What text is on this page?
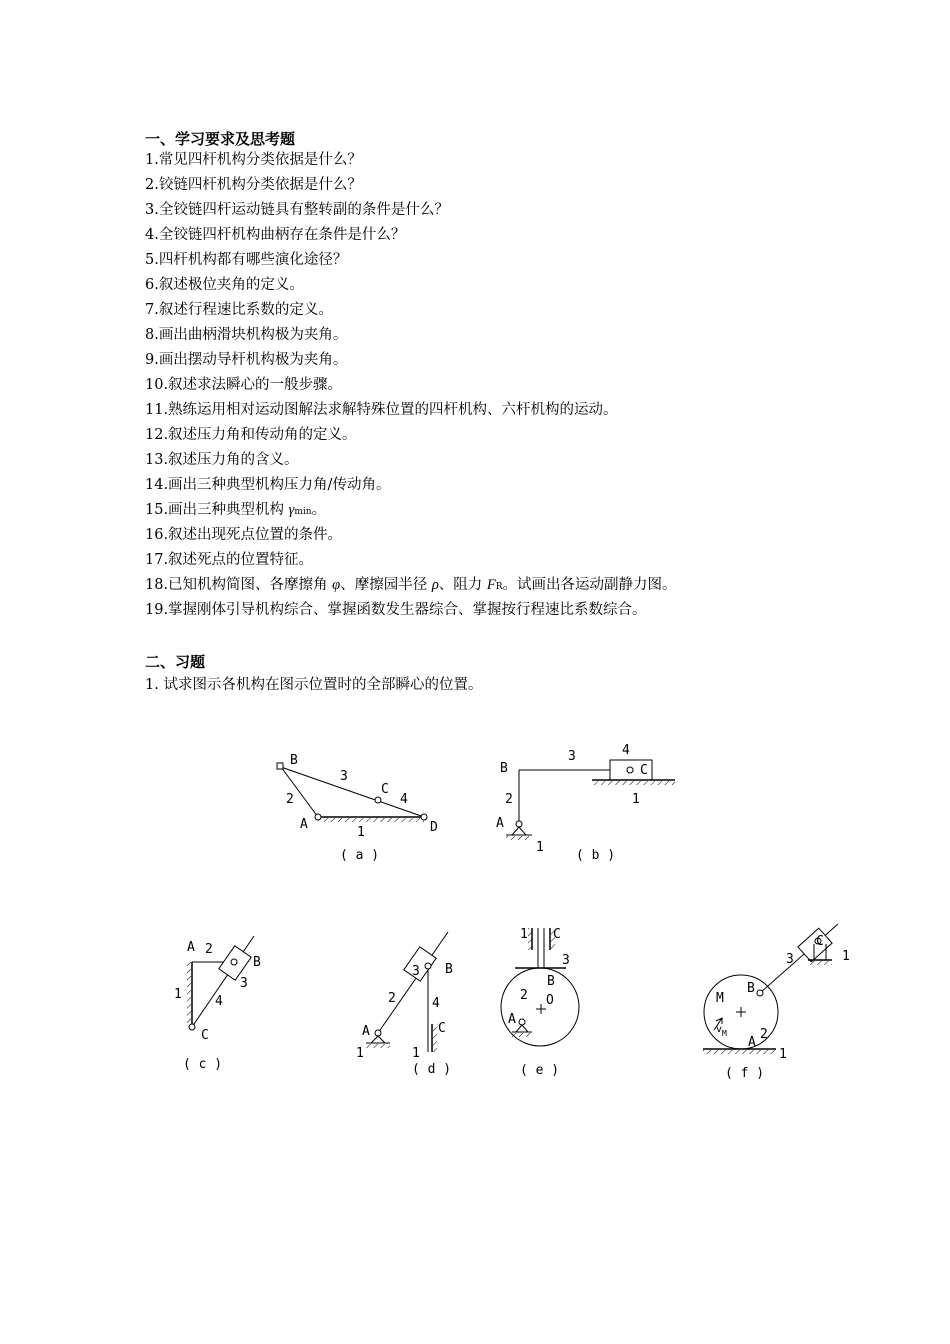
一、学习要求及思考题
1.常见四杆机构分类依据是什么？
2.铰链四杆机构分类依据是什么？
3.全铰链四杆运动链具有整转副的条件是什么？
4.全铰链四杆机构曲柄存在条件是什么？
5.四杆机构都有哪些演化途径？
6.叙述极位夹角的定义。
7.叙述行程速比系数的定义。
8.画出曲柄滑块机构极为夹角。
9.画出摆动导杆机构极为夹角。
10.叙述求法瞬心的一般步骤。
11.熟练运用相对运动图解法求解特殊位置的四杆机构、六杆机构的运动。
12.叙述压力角和传动角的定义。
13.叙述压力角的含义。
14.画出三种典型机构压力角/传动角。
15.画出三种典型机构 γmin。
16.叙述出现死点位置的条件。
17.叙述死点的位置特征。
18.已知机构简图、各摩擦角 φ、摩擦园半径 ρ、阻力 FR。试画出各运动副静力图。
19.掌握刚体引导机构综合、掌握函数发生器综合、掌握按行程速比系数综合。
二、习题
1. 试求图示各机构在图示位置时的全部瞬心的位置。
B
3
C
4
2
A
1	D
( a )
4
B
3
C
1
2
A
1
( b )
A 2
B
3
1	4
C
( c )
3 B
2	4
C
A
1	1
( d )
1 C
3
B
2 O
A
( e )
C
3	1
B
M
v M	2
A
1
( f )
